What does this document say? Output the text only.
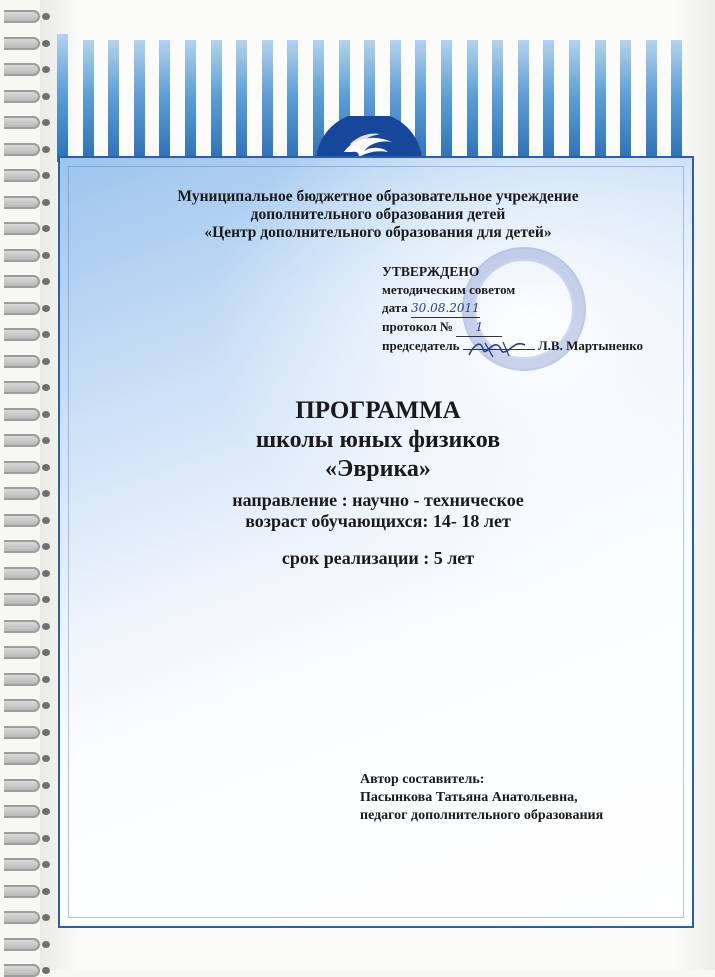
Муниципальное бюджетное образовательное учреждение
дополнительного образования детей
«Центр дополнительного образования для детей»
УТВЕРЖДЕНО
методическим советом
дата 30.08.2011
протокол № 1
председатель	Л.В. Мартыненко
ПРОГРАММА
школы юных физиков
«Эврика»
направление : научно - техническое
возраст обучающихся: 14- 18 лет
срок реализации : 5 лет
Автор составитель:
Пасынкова Татьяна Анатольевна,
педагог дополнительного образования
